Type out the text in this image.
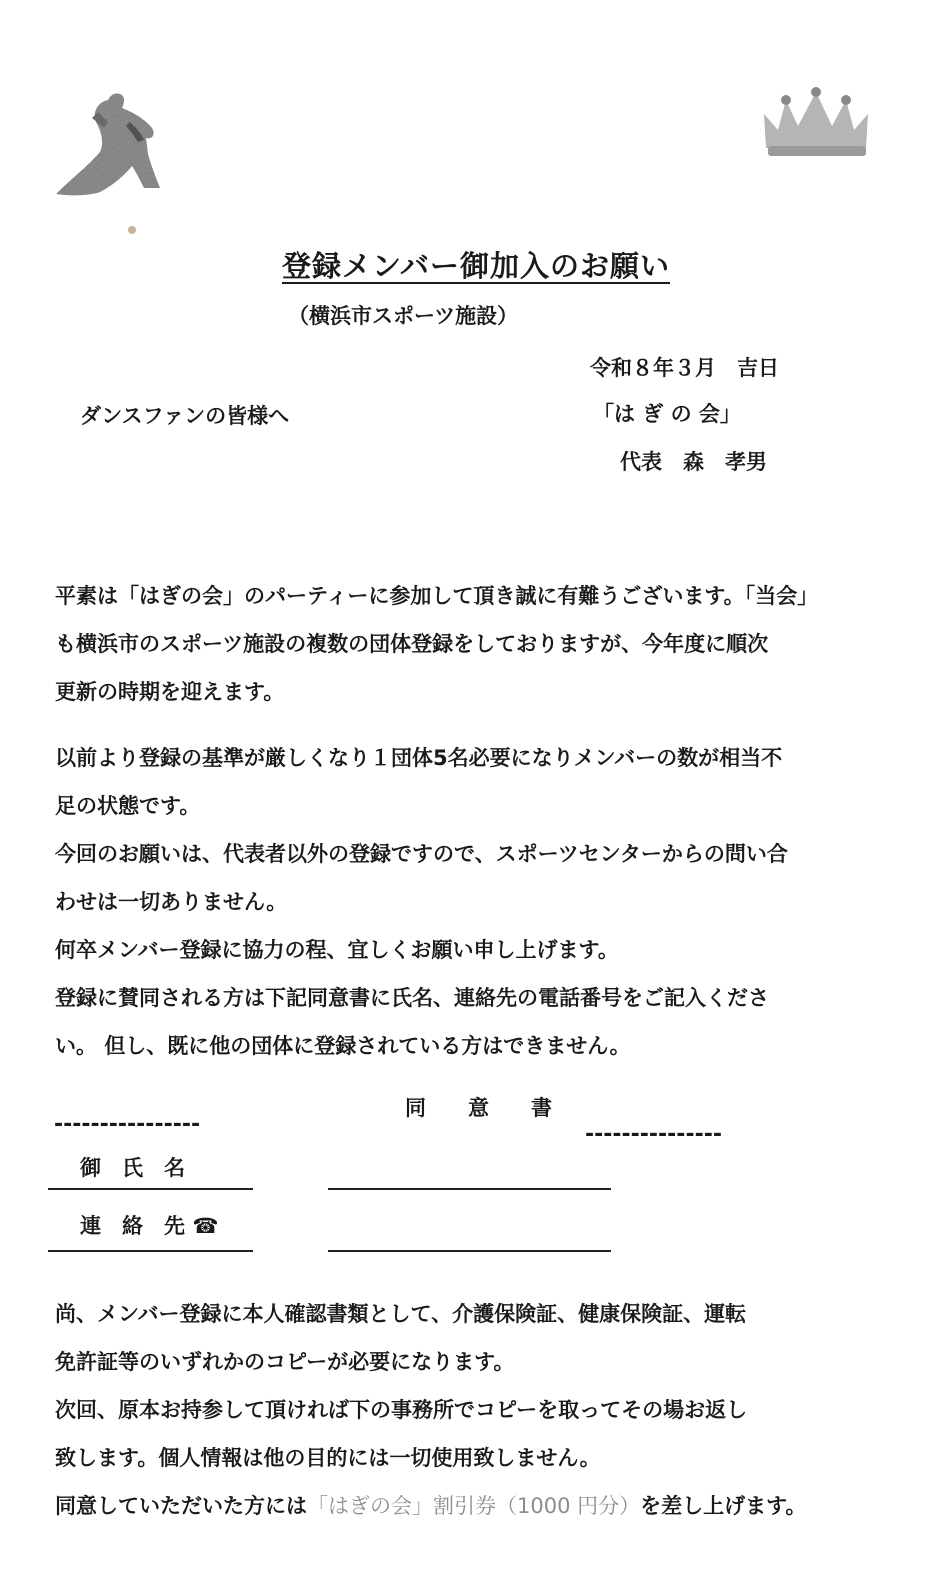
登録メンバー御加入のお願い
（横浜市スポーツ施設）
令和８年３月　吉日
ダンスファンの皆様へ	「は ぎ の 会」
代表　森　孝男

平素は「はぎの会」のパーティーに参加して頂き誠に有難うございます。「当会」

も横浜市のスポーツ施設の複数の団体登録をしておりますが、今年度に順次

更新の時期を迎えます。

以前より登録の基準が厳しくなり１団体5名必要になりメンバーの数が相当不

足の状態です。

今回のお願いは、代表者以外の登録ですので、スポーツセンターからの問い合

わせは一切ありません。

何卒メンバー登録に協力の程、宜しくお願い申し上げます。

登録に賛同される方は下記同意書に氏名、連絡先の電話番号をご記入くださ

い。 但し、既に他の団体に登録されている方はできません。

----------------
同　　意　　書
---------------
御　氏　名
連　絡　先 ☎

尚、メンバー登録に本人確認書類として、介護保険証、健康保険証、運転

免許証等のいずれかのコピーが必要になります。

次回、原本お持参して頂ければ下の事務所でコピーを取ってその場お返し

致します。個人情報は他の目的には一切使用致しません。

同意していただいた方には「はぎの会」割引券（1000 円分）を差し上げます。
